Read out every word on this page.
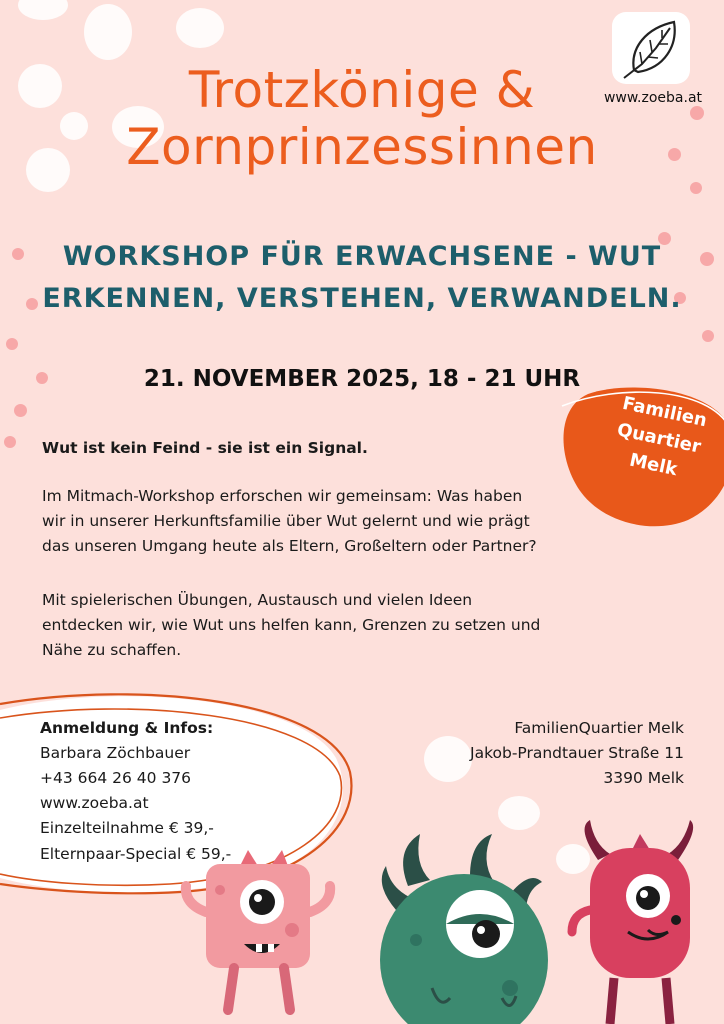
www.zoeba.at
Trotzkönige &
Zornprinzessinnen
WORKSHOP FÜR ERWACHSENE - WUT
ERKENNEN, VERSTEHEN, VERWANDELN.

21. NOVEMBER 2025, 18 - 21 UHR

Familien
Quartier
Melk

Wut ist kein Feind - sie ist ein Signal.

Im Mitmach-Workshop erforschen wir gemeinsam: Was haben
wir in unserer Herkunftsfamilie über Wut gelernt und wie prägt
das unseren Umgang heute als Eltern, Großeltern oder Partner?

Mit spielerischen Übungen, Austausch und vielen Ideen
entdecken wir, wie Wut uns helfen kann, Grenzen zu setzen und
Nähe zu schaffen.

Anmeldung & Infos:
Barbara Zöchbauer
+43 664 26 40 376
www.zoeba.at
Einzelteilnahme € 39,-
Elternpaar-Special € 59,-
FamilienQuartier Melk
Jakob-Prandtauer Straße 11
3390 Melk
